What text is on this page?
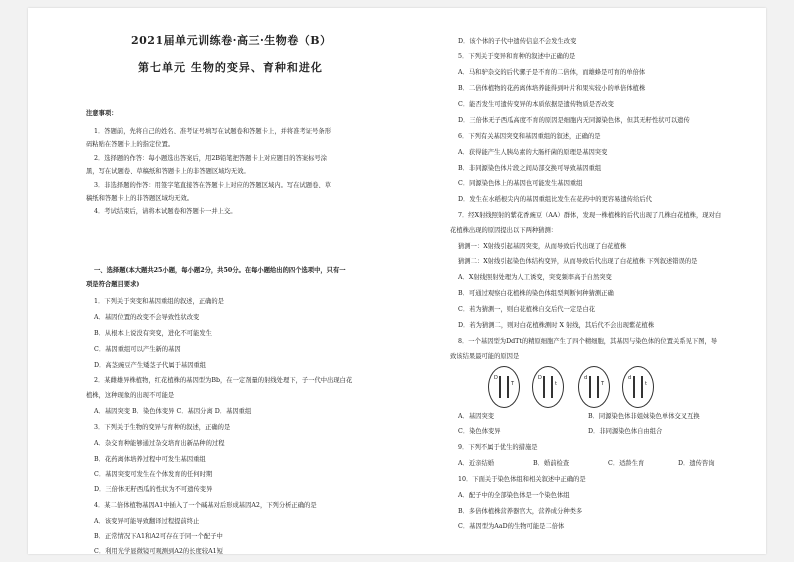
2021届单元训练卷·高三·生物卷（B）
第七单元 生物的变异、育种和进化
注意事项：
1．答题前，先将自己的姓名、准考证号填写在试题卷和答题卡上，并将准考证号条形
码粘贴在答题卡上的指定位置。
2．选择题的作答：每小题选出答案后，用2B铅笔把答题卡上对应题目的答案标号涂
黑，写在试题卷、草稿纸和答题卡上的非答题区域均无效。
3．非选择题的作答：用签字笔直接答在答题卡上对应的答题区域内。写在试题卷、草
稿纸和答题卡上的非答题区域均无效。
4．考试结束后，请将本试题卷和答题卡一并上交。
一、选择题(本大题共25小题，每小题2分，共50分。在每小题给出的四个选项中，只有一
项是符合题目要求)
1．下列关于突变和基因重组的叙述，正确的是
A．基因位置的改变不会导致性状改变
B．从根本上说没有突变，进化不可能发生
C．基因重组可以产生新的基因
D．高茎豌豆产生矮茎子代属于基因重组
2．某雌雄异株植物，红花植株的基因型为Bb，在一定剂量的射线处理下，子一代中出现白花
植株，这种现象的出现不可能是
A．基因突变 B．染色体变异 C．基因分离 D．基因重组
3．下列关于生物的变异与育种的叙述，正确的是
A．杂交育种能够通过杂交培育出新品种的过程
B．花药离体培养过程中可发生基因重组
C．基因突变可发生在个体发育的任何时期
D．三倍体无籽西瓜的性状为不可遗传变异
4．某二倍体植物基因A1中插入了一个碱基对后形成基因A2，下列分析正确的是
A．该变异可能导致翻译过程提前终止
B．正常情况下A1和A2可存在于同一个配子中
C．利用光学显微镜可观测到A2的长度较A1短
D．该个体的子代中遗传信息不会发生改变
5．下列关于变异和育种的叙述中正确的是
A．马和驴杂交的后代骡子是不育的二倍体，而雄蜂是可育的单倍体
B．二倍体植物的花药离体培养能得到叶片和果实较小的单倍体植株
C．能否发生可遗传变异的本质依据是遗传物质是否改变
D．三倍体无子西瓜高度不育的原因是细胞内无同源染色体，但其无籽性状可以遗传
6．下列有关基因突变和基因重组的叙述，正确的是
A．获得能产生人胰岛素的大肠杆菌的原理是基因突变
B．非同源染色体片段之间局部交换可导致基因重组
C．同源染色体上的基因也可能发生基因重组
D．发生在水稻根尖内的基因重组比发生在花药中的更容易遗传给后代
7．经X射线照射的紫花香豌豆（AA）群体，发现一株植株的后代出现了几株白花植株，现对白
花植株出现的原因提出以下两种猜测：
猜测一：X射线引起基因突变，从而导致后代出现了白花植株
猜测二：X射线引起染色体结构变异，从而导致后代出现了白花植株 下列叙述错误的是
A．X射线照射处理为人工诱变，突变频率高于自然突变
B．可通过观察白花植株的染色体组型判断何种猜测正确
C．若为猜测一，则白花植株自交后代一定是白花
D．若为猜测二，则对白花植株测时 X 射线，其后代不会出现紫花植株
8．一个基因型为DdTt的精原细胞产生了四个精细胞，其基因与染色体的位置关系见下图，导
致该结果最可能的原因是
D
T
D
t
d
T
d
t
A．基因突变	B．同源染色体非姐妹染色单体交叉互换
C．染色体变异	D．非同源染色体自由组合
9．下列不属于优生的措施是
A．近亲结婚	B．婚前检查	C．适龄生育	D．遗传咨询
10．下面关于染色体组和相关叙述中正确的是
A．配子中的全部染色体是一个染色体组
B．多倍体植株营养器官大，营养成分种类多
C．基因型为AaD的生物可能是二倍体
